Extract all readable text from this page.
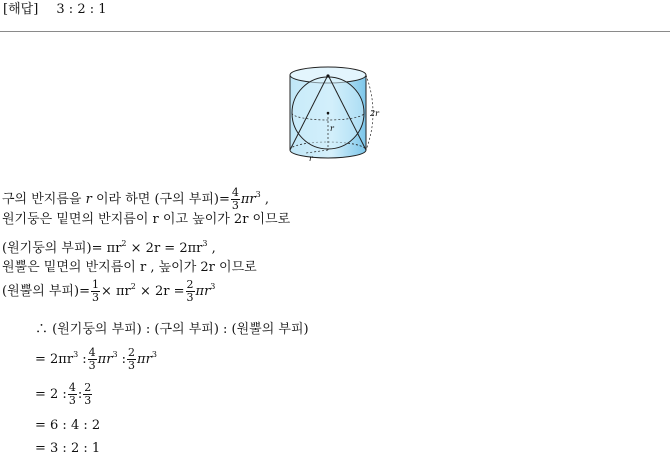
[해답] 3 : 2 : 1
r
r
2r
구의 반지름을 r 이라 하면 (구의 부피)= $\frac{4}{3} \pi r^3$ ,
원기둥은 밑면의 반지름이 r 이고 높이가 2r 이므로
(원기둥의 부피)= $\pi r^2 \times 2r = 2\pi r^3$ ,
원뿔은 밑면의 반지름이 r , 높이가 2r 이므로
(원뿔의 부피)= $\frac{1}{3} \times \pi r^2 \times 2r = \frac{2}{3} \pi r^3$
∴ (원기둥의 부피) : (구의 부피) : (원뿔의 부피)
= $2\pi r^3$ : $\frac{4}{3} \pi r^3$ : $\frac{2}{3} \pi r^3$
= 2 : $\frac{4}{3}$ : $\frac{2}{3}$
= 6 : 4 : 2
= 3 : 2 : 1
